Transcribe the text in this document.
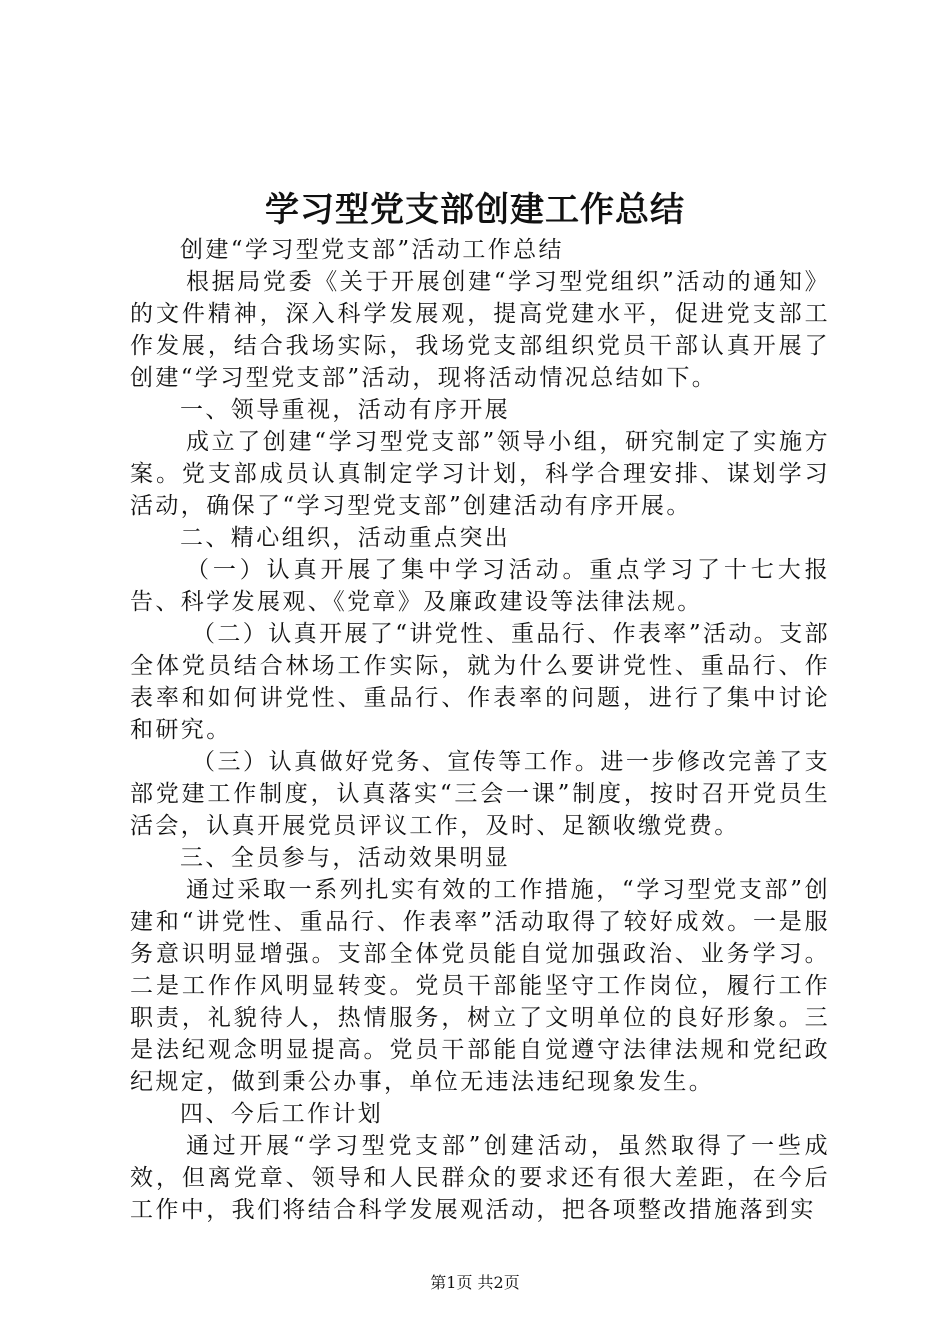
学习型党支部创建工作总结

创建“学习型党支部”活动工作总结

根据局党委《关于开展创建“学习型党组织”活动的通知》的文件精神，深入科学发展观，提高党建水平，促进党支部工作发展，结合我场实际，我场党支部组织党员干部认真开展了创建“学习型党支部”活动，现将活动情况总结如下。

一、领导重视，活动有序开展

成立了创建“学习型党支部”领导小组，研究制定了实施方案。党支部成员认真制定学习计划，科学合理安排、谋划学习活动，确保了“学习型党支部”创建活动有序开展。

二、精心组织，活动重点突出

（一）认真开展了集中学习活动。重点学习了十七大报告、科学发展观、《党章》及廉政建设等法律法规。

（二）认真开展了“讲党性、重品行、作表率”活动。支部全体党员结合林场工作实际，就为什么要讲党性、重品行、作表率和如何讲党性、重品行、作表率的问题，进行了集中讨论和研究。

（三）认真做好党务、宣传等工作。进一步修改完善了支部党建工作制度，认真落实“三会一课”制度，按时召开党员生活会，认真开展党员评议工作，及时、足额收缴党费。

三、全员参与，活动效果明显

通过采取一系列扎实有效的工作措施，“学习型党支部”创建和“讲党性、重品行、作表率”活动取得了较好成效。一是服务意识明显增强。支部全体党员能自觉加强政治、业务学习。二是工作作风明显转变。党员干部能坚守工作岗位，履行工作职责，礼貌待人，热情服务，树立了文明单位的良好形象。三是法纪观念明显提高。党员干部能自觉遵守法律法规和党纪政纪规定，做到秉公办事，单位无违法违纪现象发生。

四、今后工作计划

通过开展“学习型党支部”创建活动，虽然取得了一些成效，但离党章、领导和人民群众的要求还有很大差距，在今后工作中，我们将结合科学发展观活动，把各项整改措施落到实

第1页 共2页
